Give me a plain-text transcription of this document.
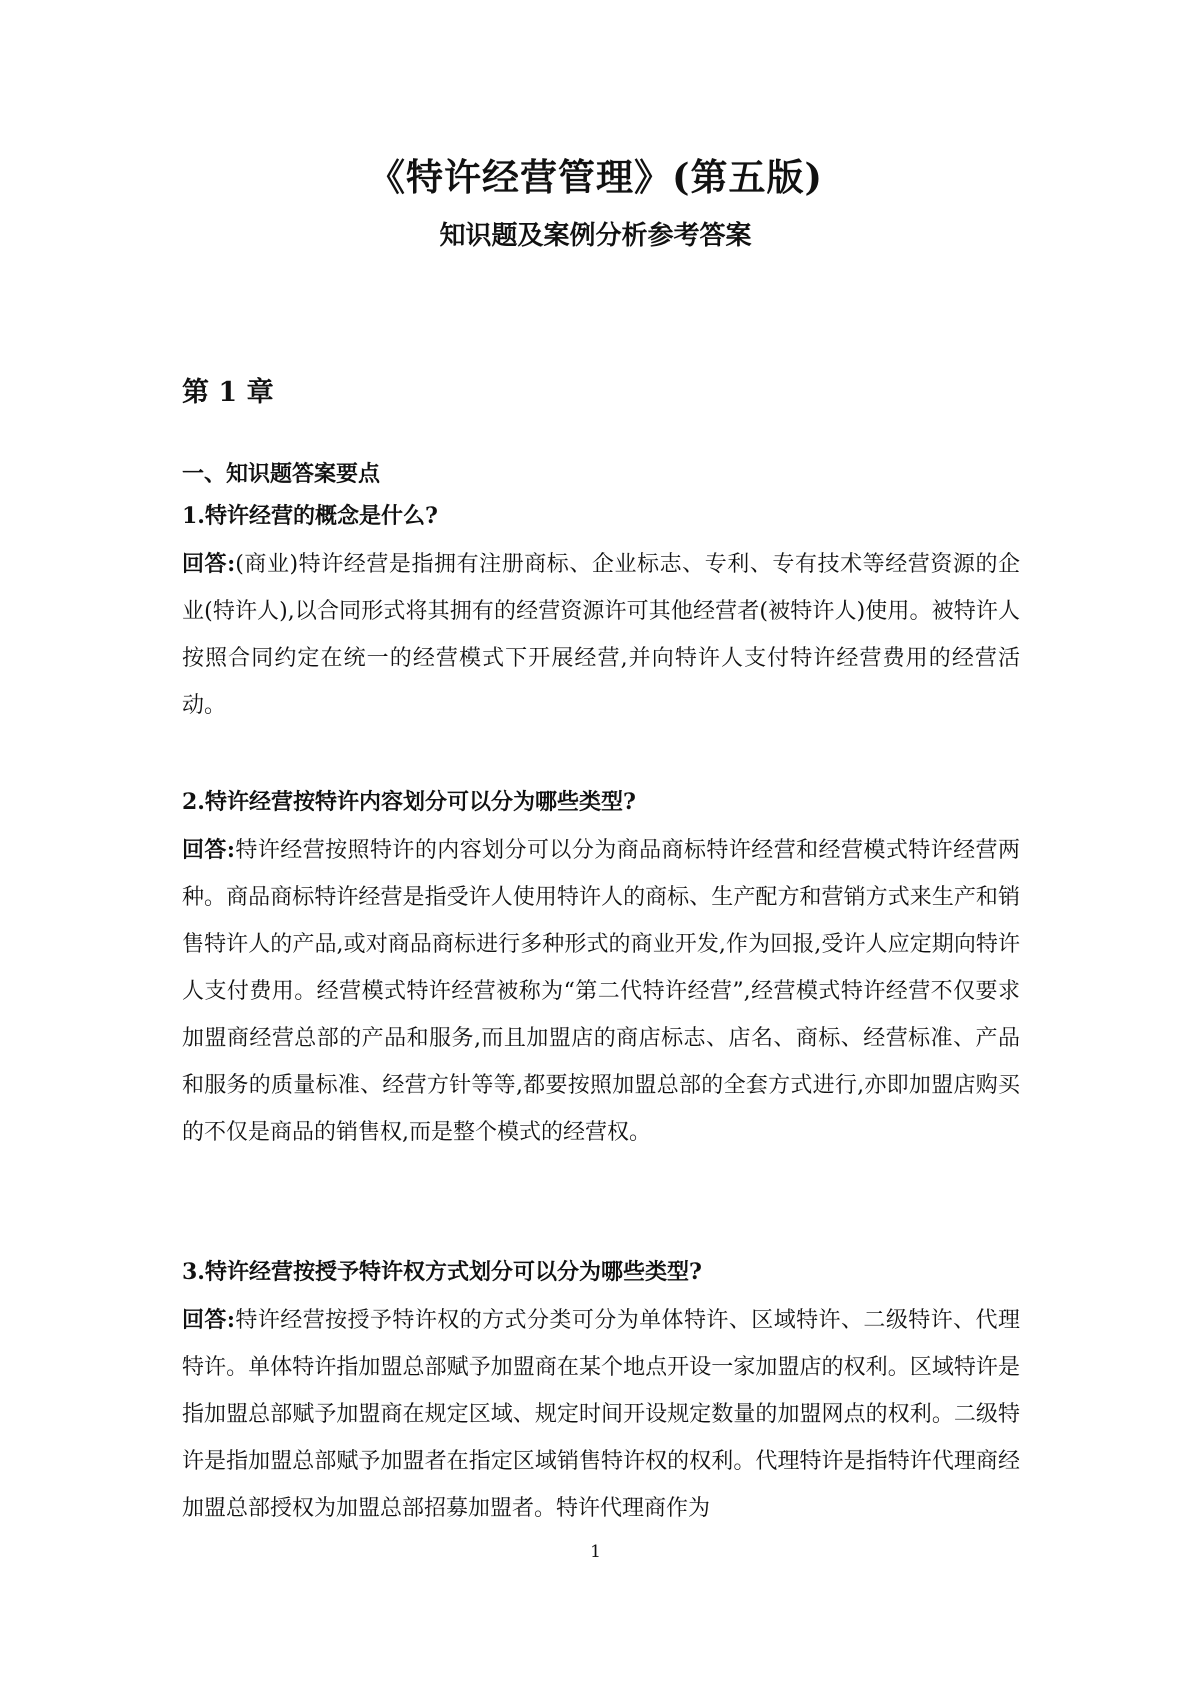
《特许经营管理》(第五版)
知识题及案例分析参考答案
第 1 章
一、知识题答案要点
1.特许经营的概念是什么?
回答:(商业)特许经营是指拥有注册商标、企业标志、专利、专有技术等经营资源的企业(特许人),以合同形式将其拥有的经营资源许可其他经营者(被特许人)使用。被特许人按照合同约定在统一的经营模式下开展经营,并向特许人支付特许经营费用的经营活动。
2.特许经营按特许内容划分可以分为哪些类型?
回答:特许经营按照特许的内容划分可以分为商品商标特许经营和经营模式特许经营两种。商品商标特许经营是指受许人使用特许人的商标、生产配方和营销方式来生产和销售特许人的产品,或对商品商标进行多种形式的商业开发,作为回报,受许人应定期向特许人支付费用。经营模式特许经营被称为“第二代特许经营”,经营模式特许经营不仅要求加盟商经营总部的产品和服务,而且加盟店的商店标志、店名、商标、经营标准、产品和服务的质量标准、经营方针等等,都要按照加盟总部的全套方式进行,亦即加盟店购买的不仅是商品的销售权,而是整个模式的经营权。
3.特许经营按授予特许权方式划分可以分为哪些类型?
回答:特许经营按授予特许权的方式分类可分为单体特许、区域特许、二级特许、代理特许。单体特许指加盟总部赋予加盟商在某个地点开设一家加盟店的权利。区域特许是指加盟总部赋予加盟商在规定区域、规定时间开设规定数量的加盟网点的权利。二级特许是指加盟总部赋予加盟者在指定区域销售特许权的权利。代理特许是指特许代理商经加盟总部授权为加盟总部招募加盟者。特许代理商作为
1
